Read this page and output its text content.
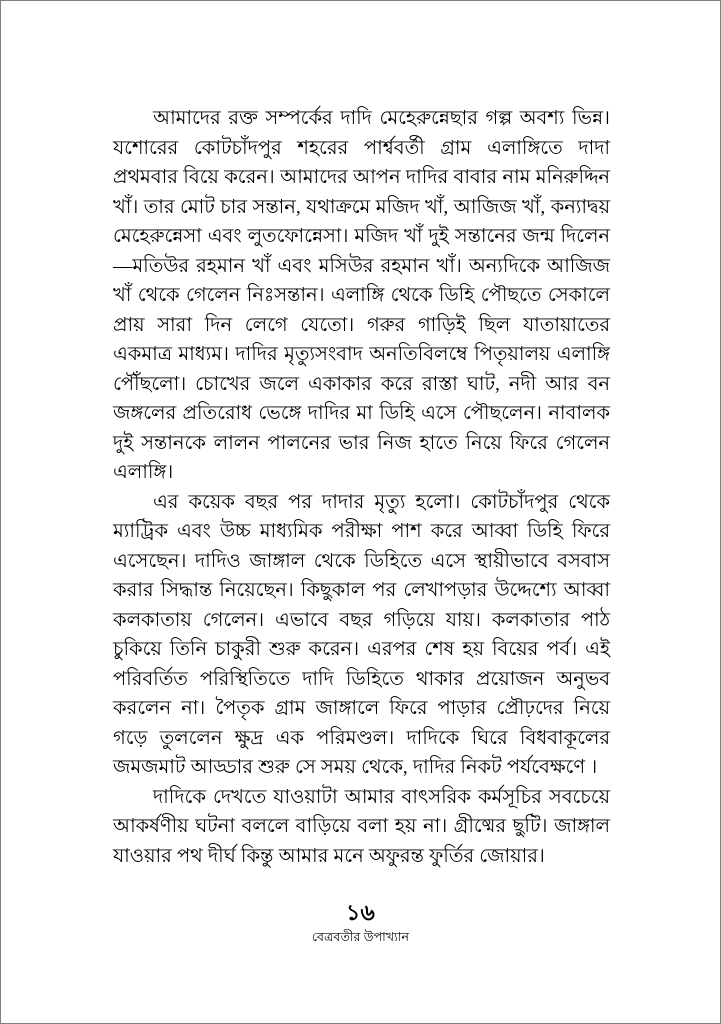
আমাদের রক্ত সম্পর্কের দাদি মেহেরুন্নেছার গল্প অবশ্য ভিন্ন। যশোরের কোটচাঁদপুর শহরের পার্শ্ববর্তী গ্রাম এলাঙ্গিতে দাদা প্রথমবার বিয়ে করেন। আমাদের আপন দাদির বাবার নাম মনিরুদ্দিন খাঁ। তার মোট চার সন্তান, যথাক্রমে মজিদ খাঁ, আজিজ খাঁ, কন্যাদ্বয় মেহেরুন্নেসা এবং লুতফোন্নেসা। মজিদ খাঁ দুই সন্তানের জন্ম দিলেন—মতিউর রহমান খাঁ এবং মসিউর রহমান খাঁ। অন্যদিকে আজিজ খাঁ থেকে গেলেন নিঃসন্তান। এলাঙ্গি থেকে ডিহি পৌছতে সেকালে প্রায় সারা দিন লেগে যেতো। গরুর গাড়িই ছিল যাতায়াতের একমাত্র মাধ্যম। দাদির মৃত্যুসংবাদ অনতিবিলম্বে পিতৃয়ালয় এলাঙ্গি পৌঁছলো। চোখের জলে একাকার করে রাস্তা ঘাট, নদী আর বন জঙ্গলের প্রতিরোধ ভেঙ্গে দাদির মা ডিহি এসে পৌছলেন। নাবালক দুই সন্তানকে লালন পালনের ভার নিজ হাতে নিয়ে ফিরে গেলেন এলাঙ্গি।
এর কয়েক বছর পর দাদার মৃত্যু হলো। কোটচাঁদপুর থেকে ম্যাট্রিক এবং উচ্চ মাধ্যমিক পরীক্ষা পাশ করে আব্বা ডিহি ফিরে এসেছেন। দাদিও জাঙ্গাল থেকে ডিহিতে এসে স্থায়ীভাবে বসবাস করার সিদ্ধান্ত নিয়েছেন। কিছুকাল পর লেখাপড়ার উদ্দেশ্যে আব্বা কলকাতায় গেলেন। এভাবে বছর গড়িয়ে যায়। কলকাতার পাঠ চুকিয়ে তিনি চাকুরী শুরু করেন। এরপর শেষ হয় বিয়ের পর্ব। এই পরিবর্তিত পরিস্থিতিতে দাদি ডিহিতে থাকার প্রয়োজন অনুভব করলেন না। পৈতৃক গ্রাম জাঙ্গালে ফিরে পাড়ার প্রৌঢ়দের নিয়ে গড়ে তুললেন ক্ষুদ্র এক পরিমণ্ডল। দাদিকে ঘিরে বিধবাকূলের জমজমাট আড্ডার শুরু সে সময় থেকে, দাদির নিকট পর্যবেক্ষণে ।
দাদিকে দেখতে যাওয়াটা আমার বাৎসরিক কর্মসূচির সবচেয়ে আকর্ষণীয় ঘটনা বললে বাড়িয়ে বলা হয় না। গ্রীষ্মের ছুটি। জাঙ্গাল যাওয়ার পথ দীর্ঘ কিন্তু আমার মনে অফুরন্ত ফুর্তির জোয়ার।
১৬
বেত্রবতীর উপাখ্যান
